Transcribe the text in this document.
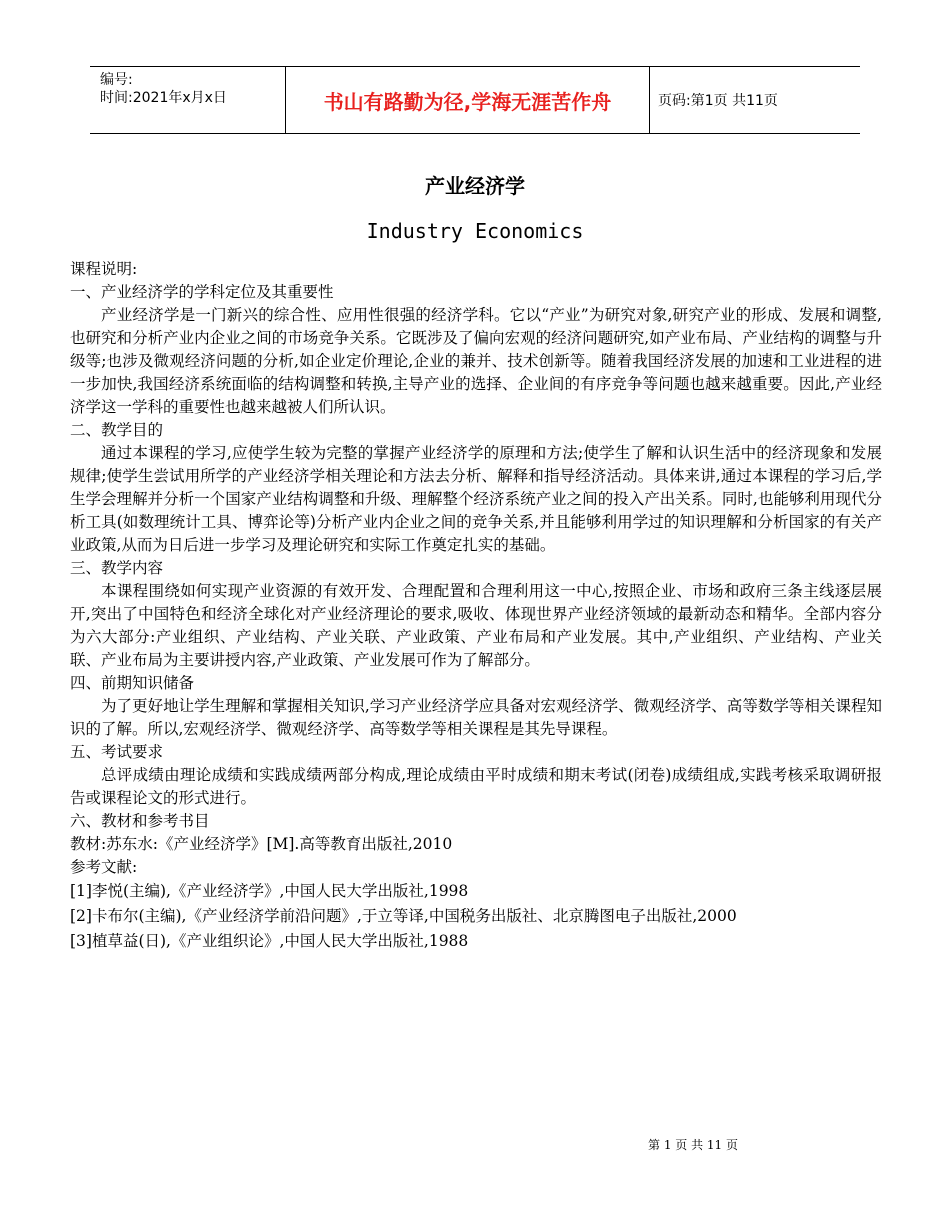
编号:
时间:2021年x月x日	书山有路勤为径,学海无涯苦作舟	页码:第1页 共11页
产业经济学
Industry Economics

课程说明:

一、产业经济学的学科定位及其重要性

产业经济学是一门新兴的综合性、应用性很强的经济学科。它以“产业”为研究对象,研究产业的形成、发展和调整,也研究和分析产业内企业之间的市场竞争关系。它既涉及了偏向宏观的经济问题研究,如产业布局、产业结构的调整与升级等;也涉及微观经济问题的分析,如企业定价理论,企业的兼并、技术创新等。随着我国经济发展的加速和工业进程的进一步加快,我国经济系统面临的结构调整和转换,主导产业的选择、企业间的有序竞争等问题也越来越重要。因此,产业经济学这一学科的重要性也越来越被人们所认识。

二、教学目的

通过本课程的学习,应使学生较为完整的掌握产业经济学的原理和方法;使学生了解和认识生活中的经济现象和发展规律;使学生尝试用所学的产业经济学相关理论和方法去分析、解释和指导经济活动。具体来讲,通过本课程的学习后,学生学会理解并分析一个国家产业结构调整和升级、理解整个经济系统产业之间的投入产出关系。同时,也能够利用现代分析工具(如数理统计工具、博弈论等)分析产业内企业之间的竞争关系,并且能够利用学过的知识理解和分析国家的有关产业政策,从而为日后进一步学习及理论研究和实际工作奠定扎实的基础。

三、教学内容

本课程围绕如何实现产业资源的有效开发、合理配置和合理利用这一中心,按照企业、市场和政府三条主线逐层展开,突出了中国特色和经济全球化对产业经济理论的要求,吸收、体现世界产业经济领域的最新动态和精华。全部内容分为六大部分:产业组织、产业结构、产业关联、产业政策、产业布局和产业发展。其中,产业组织、产业结构、产业关联、产业布局为主要讲授内容,产业政策、产业发展可作为了解部分。

四、前期知识储备

为了更好地让学生理解和掌握相关知识,学习产业经济学应具备对宏观经济学、微观经济学、高等数学等相关课程知识的了解。所以,宏观经济学、微观经济学、高等数学等相关课程是其先导课程。

五、考试要求

总评成绩由理论成绩和实践成绩两部分构成,理论成绩由平时成绩和期末考试(闭卷)成绩组成,实践考核采取调研报告或课程论文的形式进行。

六、教材和参考书目

教材:苏东水:《产业经济学》[M].高等教育出版社,2010

参考文献:

[1]李悦(主编),《产业经济学》,中国人民大学出版社,1998

[2]卡布尔(主编),《产业经济学前沿问题》,于立等译,中国税务出版社、北京腾图电子出版社,2000

[3]植草益(日),《产业组织论》,中国人民大学出版社,1988

第 1 页 共 11 页
